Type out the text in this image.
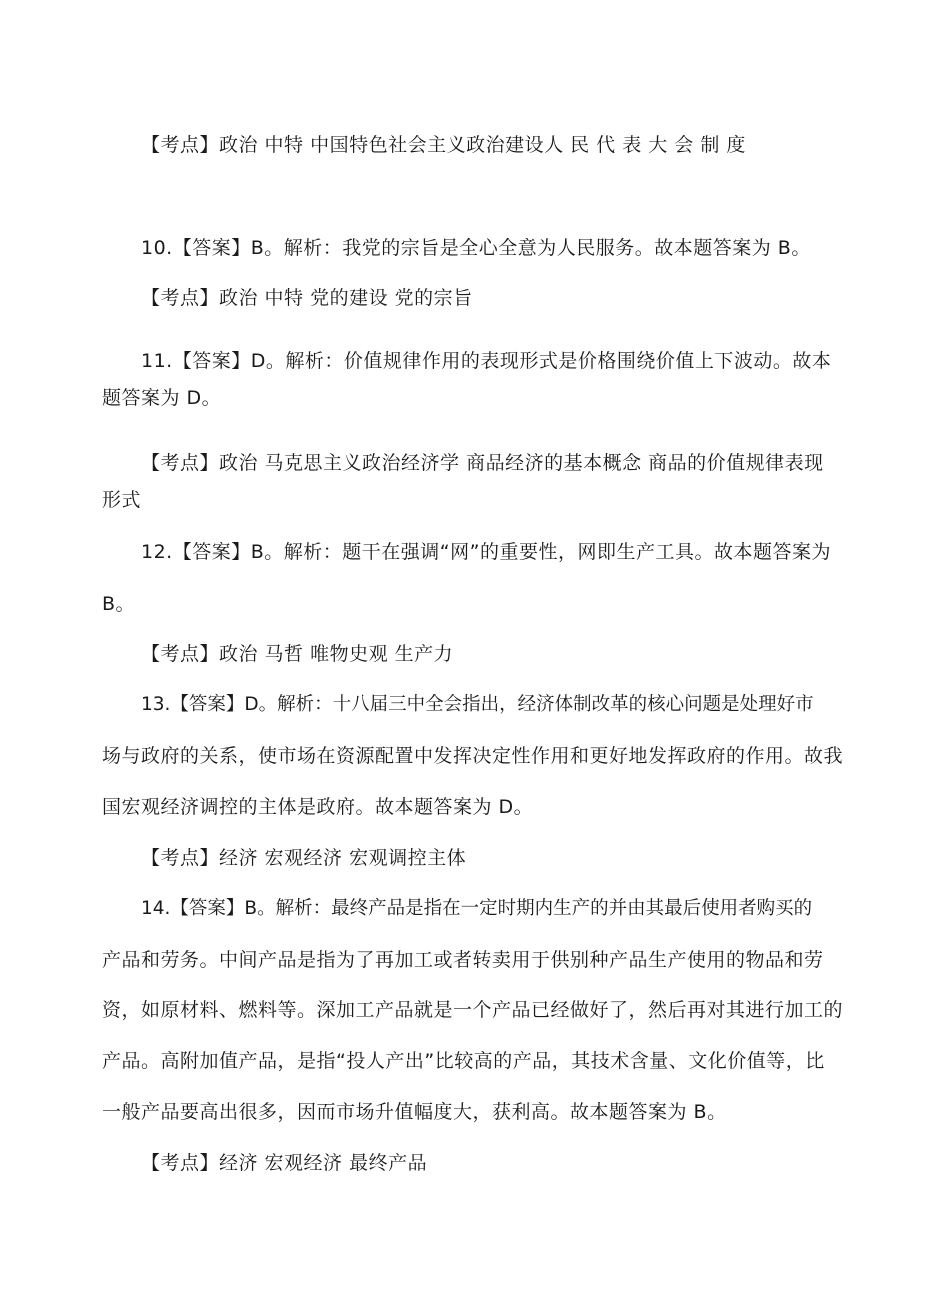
【考点】政治 中特 中国特色社会主义政治建设人 民 代 表 大 会 制 度
10.【答案】B。解析：我党的宗旨是全心全意为人民服务。故本题答案为 B。
【考点】政治 中特 党的建设 党的宗旨
11.【答案】D。解析：价值规律作用的表现形式是价格围绕价值上下波动。故本
题答案为 D。
【考点】政治 马克思主义政治经济学 商品经济的基本概念 商品的价值规律表现
形式
12.【答案】B。解析：题干在强调“网”的重要性，网即生产工具。故本题答案为
B。
【考点】政治 马哲 唯物史观 生产力
13.【答案】D。解析：十八届三中全会指出，经济体制改革的核心问题是处理好市
场与政府的关系，使市场在资源配置中发挥决定性作用和更好地发挥政府的作用。故我
国宏观经济调控的主体是政府。故本题答案为 D。
【考点】经济 宏观经济 宏观调控主体
14.【答案】B。解析：最终产品是指在一定时期内生产的并由其最后使用者购买的
产品和劳务。中间产品是指为了再加工或者转卖用于供别种产品生产使用的物品和劳
资，如原材料、燃料等。深加工产品就是一个产品已经做好了，然后再对其进行加工的
产品。高附加值产品，是指“投人产出”比较高的产品，其技术含量、文化价值等，比
一般产品要高出很多，因而市场升值幅度大，获利高。故本题答案为 B。
【考点】经济 宏观经济 最终产品
